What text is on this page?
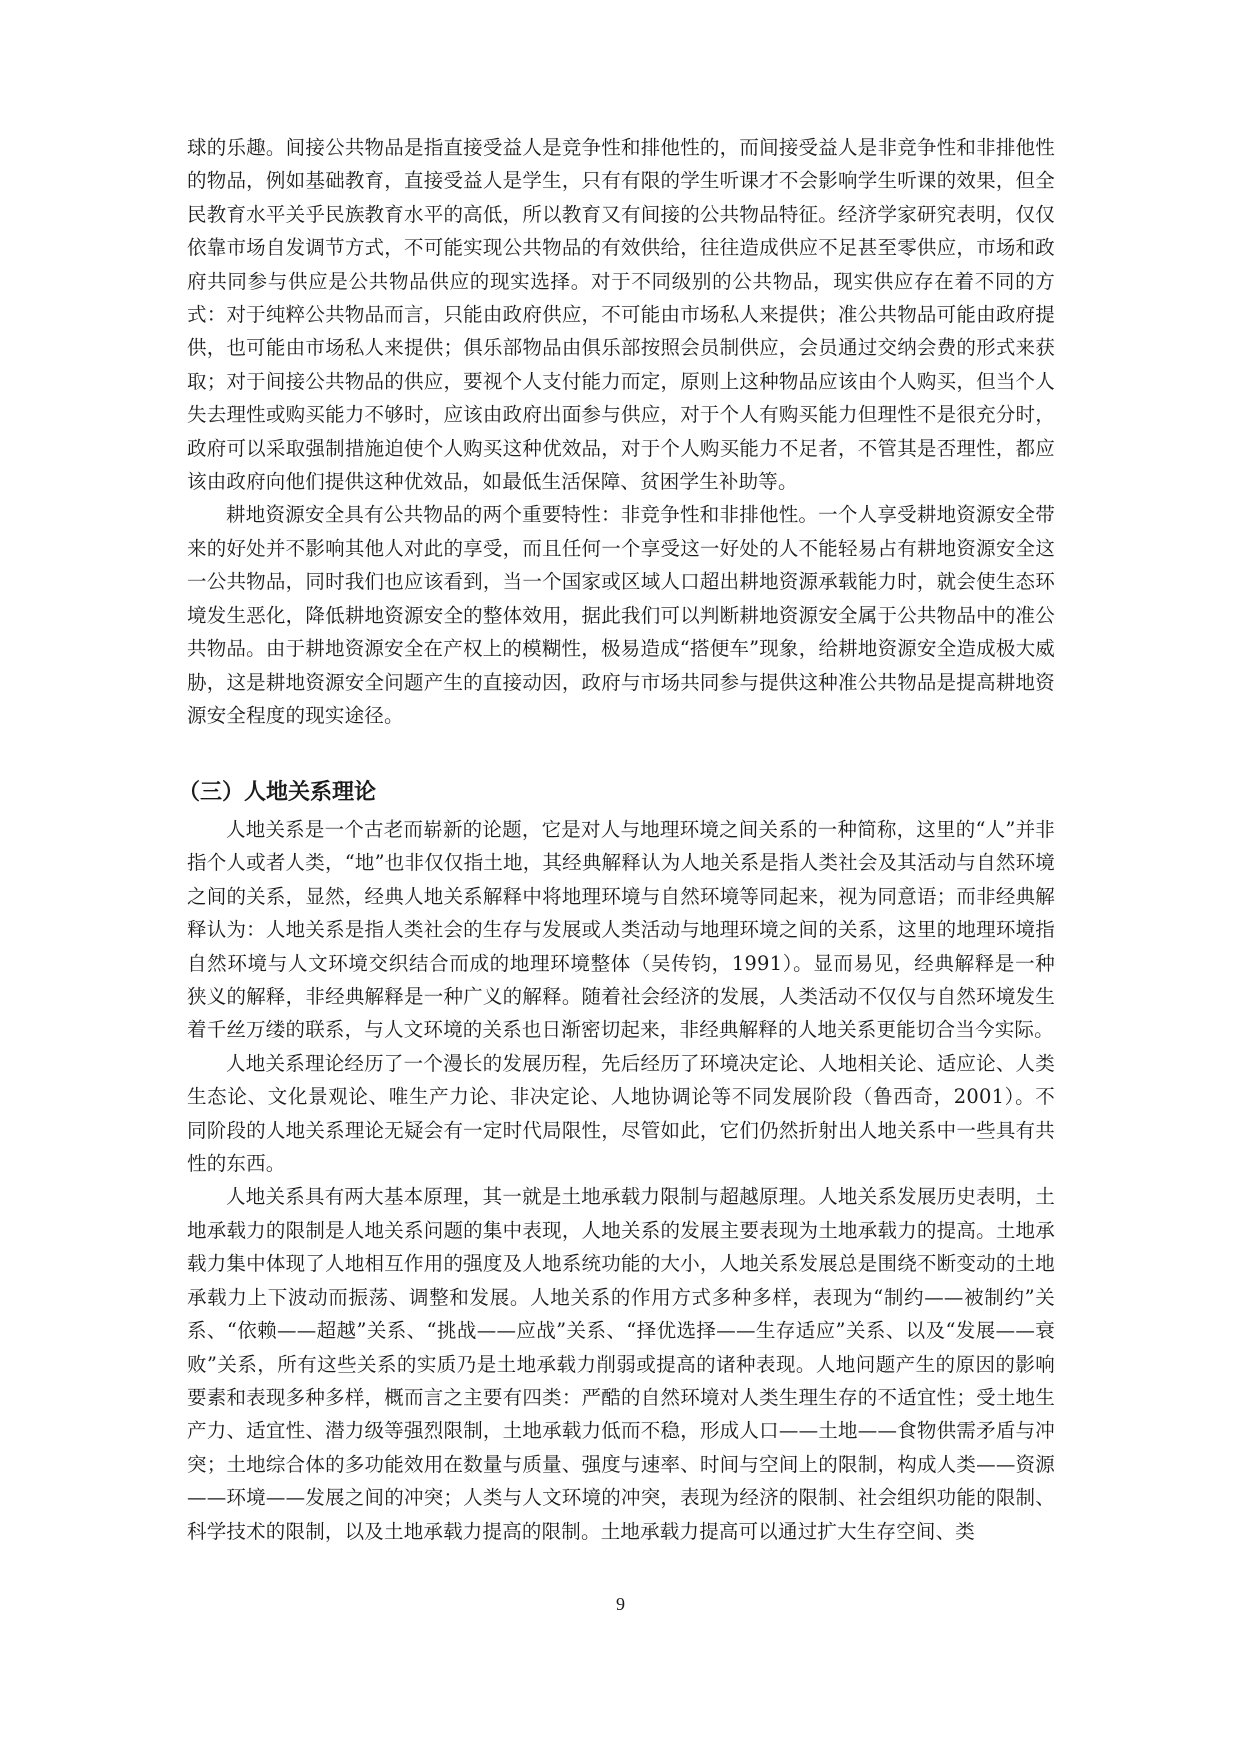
球的乐趣。间接公共物品是指直接受益人是竞争性和排他性的，而间接受益人是非竞争性和非排他性的物品，例如基础教育，直接受益人是学生，只有有限的学生听课才不会影响学生听课的效果，但全民教育水平关乎民族教育水平的高低，所以教育又有间接的公共物品特征。经济学家研究表明，仅仅依靠市场自发调节方式，不可能实现公共物品的有效供给，往往造成供应不足甚至零供应，市场和政府共同参与供应是公共物品供应的现实选择。对于不同级别的公共物品，现实供应存在着不同的方式：对于纯粹公共物品而言，只能由政府供应，不可能由市场私人来提供；准公共物品可能由政府提供，也可能由市场私人来提供；俱乐部物品由俱乐部按照会员制供应，会员通过交纳会费的形式来获取；对于间接公共物品的供应，要视个人支付能力而定，原则上这种物品应该由个人购买，但当个人失去理性或购买能力不够时，应该由政府出面参与供应，对于个人有购买能力但理性不是很充分时，政府可以采取强制措施迫使个人购买这种优效品，对于个人购买能力不足者，不管其是否理性，都应该由政府向他们提供这种优效品，如最低生活保障、贫困学生补助等。

耕地资源安全具有公共物品的两个重要特性：非竞争性和非排他性。一个人享受耕地资源安全带来的好处并不影响其他人对此的享受，而且任何一个享受这一好处的人不能轻易占有耕地资源安全这一公共物品，同时我们也应该看到，当一个国家或区域人口超出耕地资源承载能力时，就会使生态环境发生恶化，降低耕地资源安全的整体效用，据此我们可以判断耕地资源安全属于公共物品中的准公共物品。由于耕地资源安全在产权上的模糊性，极易造成“搭便车”现象，给耕地资源安全造成极大威胁，这是耕地资源安全问题产生的直接动因，政府与市场共同参与提供这种准公共物品是提高耕地资源安全程度的现实途径。

（三）人地关系理论

人地关系是一个古老而崭新的论题，它是对人与地理环境之间关系的一种简称，这里的“人”并非指个人或者人类，“地”也非仅仅指土地，其经典解释认为人地关系是指人类社会及其活动与自然环境之间的关系，显然，经典人地关系解释中将地理环境与自然环境等同起来，视为同意语；而非经典解释认为：人地关系是指人类社会的生存与发展或人类活动与地理环境之间的关系，这里的地理环境指自然环境与人文环境交织结合而成的地理环境整体（吴传钧，1991）。显而易见，经典解释是一种狭义的解释，非经典解释是一种广义的解释。随着社会经济的发展，人类活动不仅仅与自然环境发生着千丝万缕的联系，与人文环境的关系也日渐密切起来，非经典解释的人地关系更能切合当今实际。

人地关系理论经历了一个漫长的发展历程，先后经历了环境决定论、人地相关论、适应论、人类生态论、文化景观论、唯生产力论、非决定论、人地协调论等不同发展阶段（鲁西奇，2001）。不同阶段的人地关系理论无疑会有一定时代局限性，尽管如此，它们仍然折射出人地关系中一些具有共性的东西。

人地关系具有两大基本原理，其一就是土地承载力限制与超越原理。人地关系发展历史表明，土地承载力的限制是人地关系问题的集中表现，人地关系的发展主要表现为土地承载力的提高。土地承载力集中体现了人地相互作用的强度及人地系统功能的大小，人地关系发展总是围绕不断变动的土地承载力上下波动而振荡、调整和发展。人地关系的作用方式多种多样，表现为“制约——被制约”关系、“依赖——超越”关系、“挑战——应战”关系、“择优选择——生存适应”关系、以及“发展——衰败”关系，所有这些关系的实质乃是土地承载力削弱或提高的诸种表现。人地问题产生的原因的影响要素和表现多种多样，概而言之主要有四类：严酷的自然环境对人类生理生存的不适宜性；受土地生产力、适宜性、潜力级等强烈限制，土地承载力低而不稳，形成人口——土地——食物供需矛盾与冲突；土地综合体的多功能效用在数量与质量、强度与速率、时间与空间上的限制，构成人类——资源——环境——发展之间的冲突；人类与人文环境的冲突，表现为经济的限制、社会组织功能的限制、科学技术的限制，以及土地承载力提高的限制。土地承载力提高可以通过扩大生存空间、类

9
